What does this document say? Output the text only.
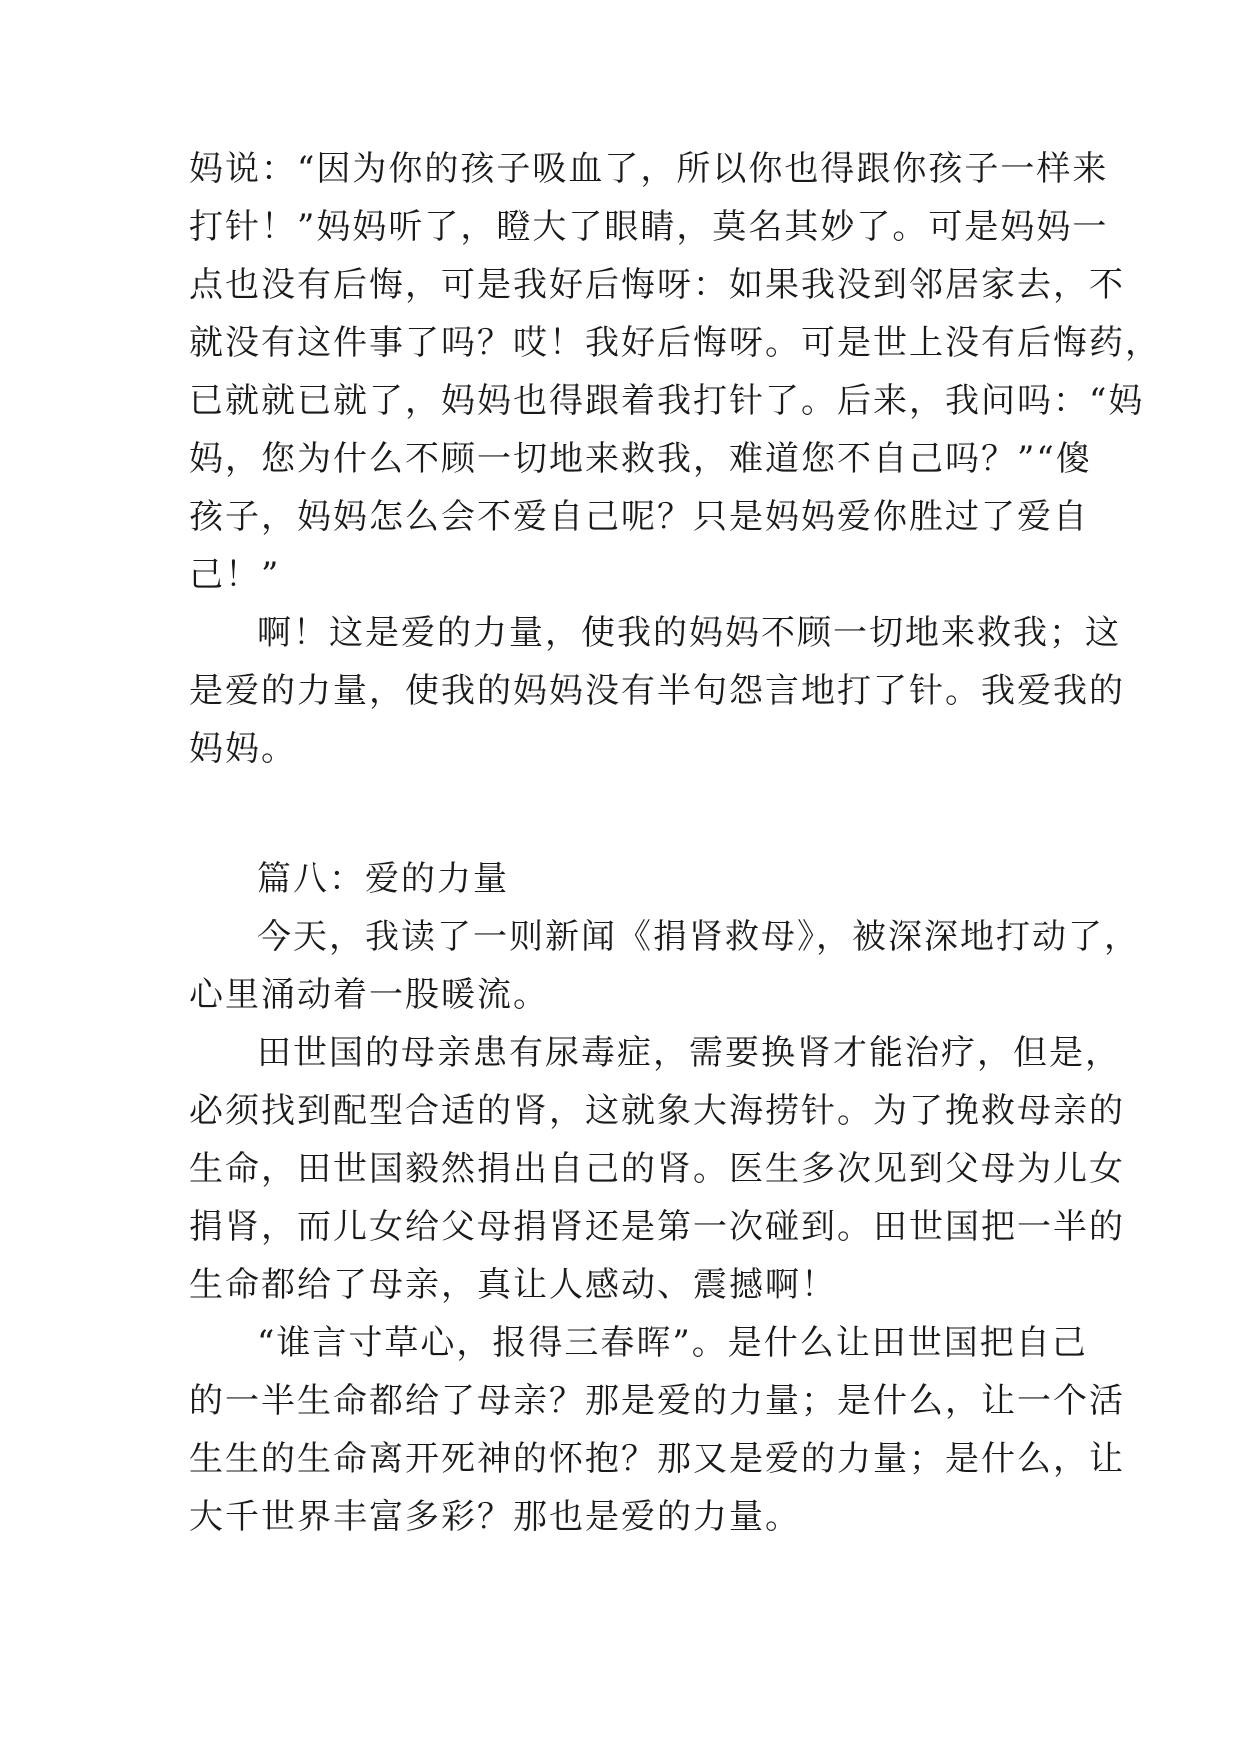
妈说：“因为你的孩子吸血了，所以你也得跟你孩子一样来
打针！”妈妈听了，瞪大了眼睛，莫名其妙了。可是妈妈一
点也没有后悔，可是我好后悔呀：如果我没到邻居家去，不
就没有这件事了吗？哎！我好后悔呀。可是世上没有后悔药，
已就就已就了，妈妈也得跟着我打针了。后来，我问吗：“妈
妈，您为什么不顾一切地来救我，难道您不自己吗？”“傻
孩子，妈妈怎么会不爱自己呢？只是妈妈爱你胜过了爱自
己！”
啊！这是爱的力量，使我的妈妈不顾一切地来救我；这
是爱的力量，使我的妈妈没有半句怨言地打了针。我爱我的
妈妈。
篇八：爱的力量
今天，我读了一则新闻《捐肾救母》，被深深地打动了，
心里涌动着一股暖流。
田世国的母亲患有尿毒症，需要换肾才能治疗，但是，
必须找到配型合适的肾，这就象大海捞针。为了挽救母亲的
生命，田世国毅然捐出自己的肾。医生多次见到父母为儿女
捐肾，而儿女给父母捐肾还是第一次碰到。田世国把一半的
生命都给了母亲，真让人感动、震撼啊！
“谁言寸草心，报得三春晖”。是什么让田世国把自己
的一半生命都给了母亲？那是爱的力量；是什么，让一个活
生生的生命离开死神的怀抱？那又是爱的力量；是什么，让
大千世界丰富多彩？那也是爱的力量。
